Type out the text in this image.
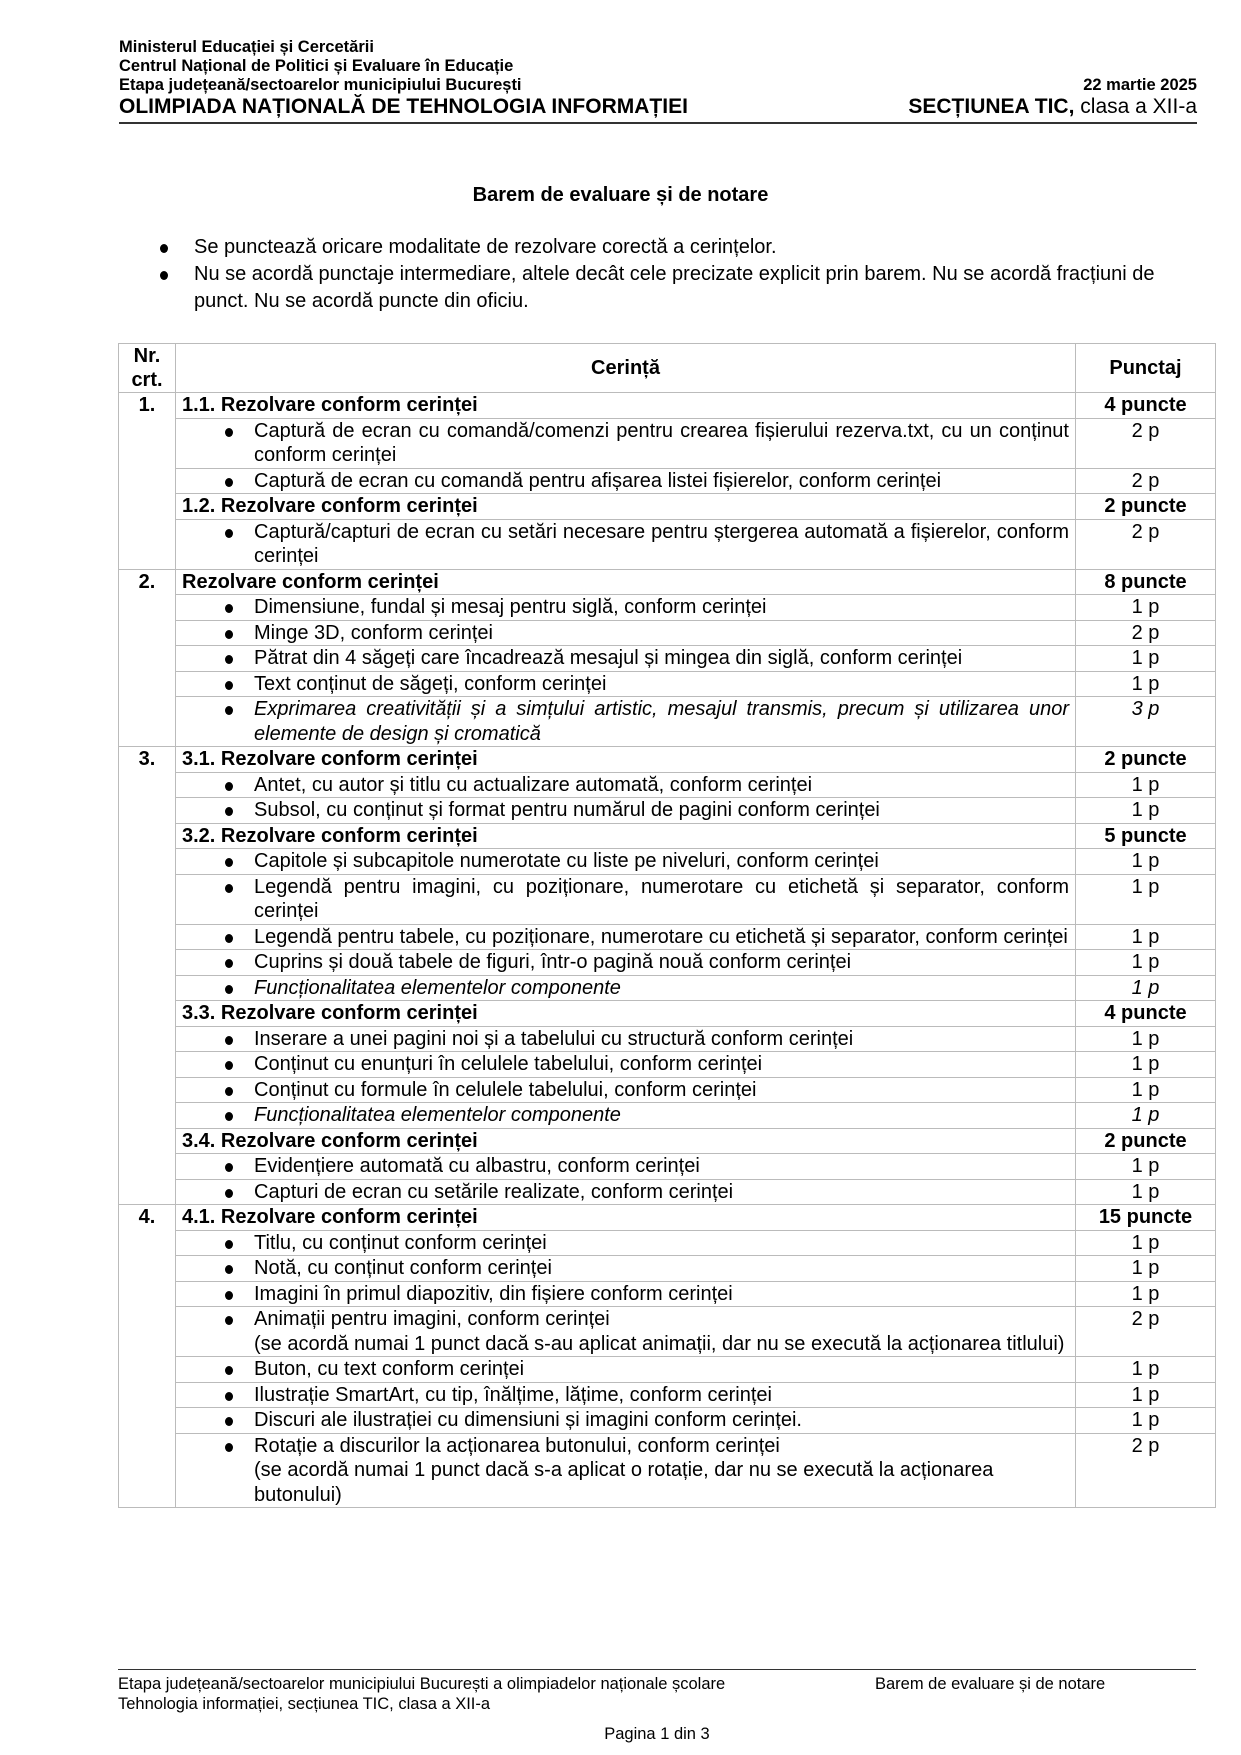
Ministerul Educației și Cercetării
Centrul Național de Politici și Evaluare în Educație
Etapa județeană/sectoarelor municipiului București	22 martie 2025
OLIMPIADA NAȚIONALĂ DE TEHNOLOGIA INFORMAȚIEI	SECȚIUNEA TIC, clasa a XII-a
Barem de evaluare și de notare
Se punctează oricare modalitate de rezolvare corectă a cerințelor.
Nu se acordă punctaje intermediare, altele decât cele precizate explicit prin barem. Nu se acordă fracțiuni de punct. Nu se acordă puncte din oficiu.
Nr. crt.	Cerință	Punctaj
1.	1.1. Rezolvare conform cerinței	4 puncte

Captură de ecran cu comandă/comenzi pentru crearea fișierului rezerva.txt, cu un conținut conform cerinței	2 p

Captură de ecran cu comandă pentru afișarea listei fișierelor, conform cerinței	2 p
	1.2. Rezolvare conform cerinței	2 puncte

Captură/capturi de ecran cu setări necesare pentru ștergerea automată a fișierelor, conform cerinței	2 p
2.	Rezolvare conform cerinței	8 puncte

Dimensiune, fundal și mesaj pentru siglă, conform cerinței	1 p

Minge 3D, conform cerinței	2 p

Pătrat din 4 săgeți care încadrează mesajul și mingea din siglă, conform cerinței	1 p

Text conținut de săgeți, conform cerinței	1 p

Exprimarea creativității și a simțului artistic, mesajul transmis, precum și utilizarea unor elemente de design și cromatică	3 p
3.	3.1. Rezolvare conform cerinței	2 puncte

Antet, cu autor și titlu cu actualizare automată, conform cerinței	1 p

Subsol, cu conținut și format pentru numărul de pagini conform cerinței	1 p
	3.2. Rezolvare conform cerinței	5 puncte

Capitole și subcapitole numerotate cu liste pe niveluri, conform cerinței	1 p

Legendă pentru imagini, cu poziționare, numerotare cu etichetă și separator, conform cerinței	1 p

Legendă pentru tabele, cu poziționare, numerotare cu etichetă și separator, conform cerinței	1 p

Cuprins și două tabele de figuri, într-o pagină nouă conform cerinței	1 p

Funcționalitatea elementelor componente	1 p
	3.3. Rezolvare conform cerinței	4 puncte

Inserare a unei pagini noi și a tabelului cu structură conform cerinței	1 p

Conținut cu enunțuri în celulele tabelului, conform cerinței	1 p

Conținut cu formule în celulele tabelului, conform cerinței	1 p

Funcționalitatea elementelor componente	1 p
	3.4. Rezolvare conform cerinței	2 puncte

Evidențiere automată cu albastru, conform cerinței	1 p

Capturi de ecran cu setările realizate, conform cerinței	1 p
4.	4.1. Rezolvare conform cerinței	15 puncte

Titlu, cu conținut conform cerinței	1 p

Notă, cu conținut conform cerinței	1 p

Imagini în primul diapozitiv, din fișiere conform cerinței	1 p

Animații pentru imagini, conform cerinței
(se acordă numai 1 punct dacă s-au aplicat animații, dar nu se execută la acționarea titlului)	2 p

Buton, cu text conform cerinței	1 p

Ilustrație SmartArt, cu tip, înălțime, lățime, conform cerinței	1 p

Discuri ale ilustrației cu dimensiuni și imagini conform cerinței.	1 p

Rotație a discurilor la acționarea butonului, conform cerinței
(se acordă numai 1 punct dacă s-a aplicat o rotație, dar nu se execută la acționarea butonului)	2 p
Etapa județeană/sectoarelor municipiului București a olimpiadelor naționale școlare	Barem de evaluare și de notare
Tehnologia informației, secțiunea TIC, clasa a XII-a
Pagina 1 din 3
